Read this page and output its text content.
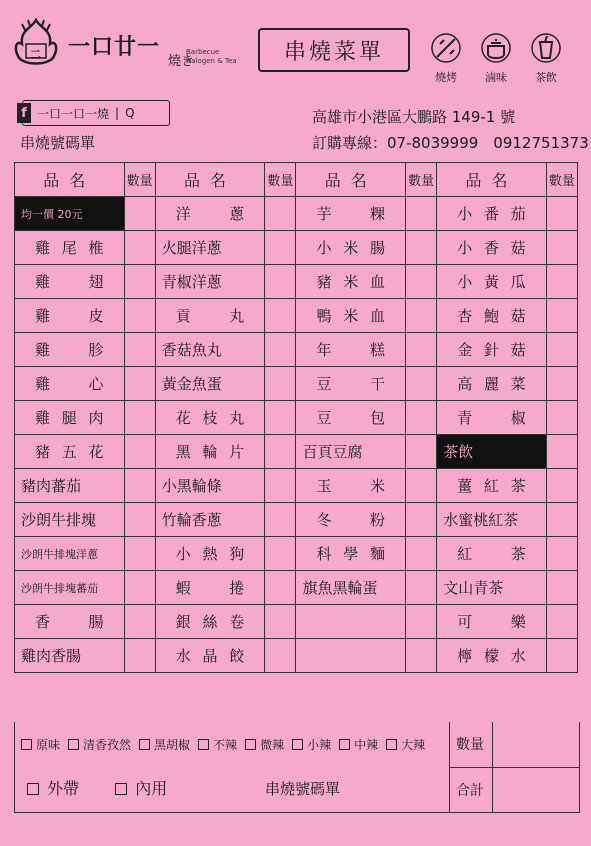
二 一口廿一
燒き
Barbecue
Halogen & Tea	串燒菜單
燒烤	滷味	茶飲
f 一口一口一燒 | Q
串燒號碼單
高雄市小港區大鵬路 149-1 號
訂購專線：07-8039999　0912751373
品名	數量	品名	數量	品名	數量	品名	數量
均一價 20元		洋 蔥		芋 粿		小 番 茄	

雞 尾 椎		火腿洋蔥		小 米 腸		小 香 菇	

雞 翅		青椒洋蔥		豬 米 血		小 黃 瓜	

雞 皮		貢 丸		鴨 米 血		杏 鮑 菇	

雞 胗		香菇魚丸		年 糕		金 針 菇	

雞 心		黃金魚蛋		豆 干		高 麗 菜	

雞 腿 肉		花 枝 丸		豆 包		青 椒	

豬 五 花		黑 輪 片		百頁豆腐		茶飲	
豬肉蕃茄		小黑輪條		玉 米		薑 紅 茶	

沙朗牛排塊		竹輪香蔥		冬 粉		水蜜桃紅茶	
沙朗牛排塊洋蔥		小 熱 狗		科 學 麵		紅 茶	

沙朗牛排塊蕃茄		蝦 捲		旗魚黑輪蛋		文山青茶	

香 腸		銀 絲 卷				可 樂	

雞肉香腸		水 晶 餃				檸 檬 水	

原味 清香孜然 黑胡椒 不辣 微辣 小辣 中辣 大辣
外帶	內用	串燒號碼單
數量
合計
